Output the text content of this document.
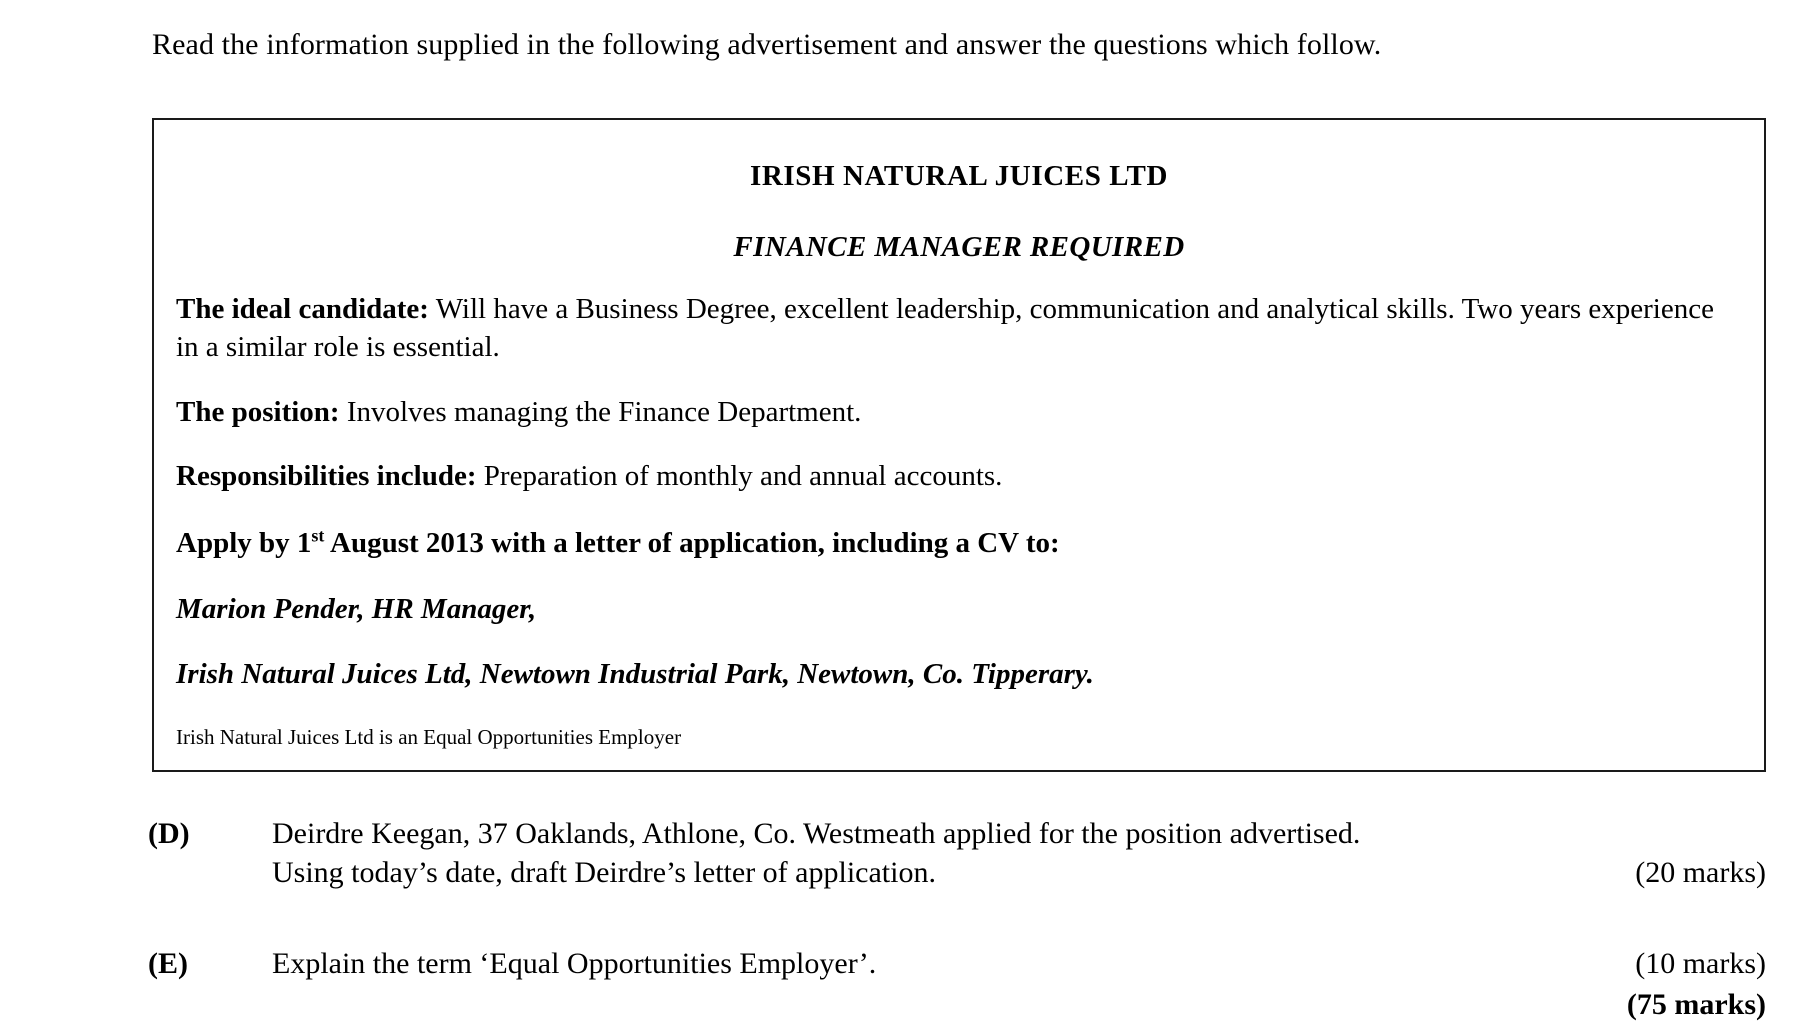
Read the information supplied in the following advertisement and answer the questions which follow.
IRISH NATURAL JUICES LTD
FINANCE MANAGER REQUIRED
The ideal candidate: Will have a Business Degree, excellent leadership, communication and analytical skills. Two years experience in a similar role is essential.
The position: Involves managing the Finance Department.
Responsibilities include: Preparation of monthly and annual accounts.
Apply by 1st August 2013 with a letter of application, including a CV to:
Marion Pender, HR Manager,
Irish Natural Juices Ltd, Newtown Industrial Park, Newtown, Co. Tipperary.
Irish Natural Juices Ltd is an Equal Opportunities Employer
(D)	Deirdre Keegan, 37 Oaklands, Athlone, Co. Westmeath applied for the position advertised.
Using today’s date, draft Deirdre’s letter of application.	(20 marks)
(E)	Explain the term ‘Equal Opportunities Employer’.	(10 marks)
(75 marks)
